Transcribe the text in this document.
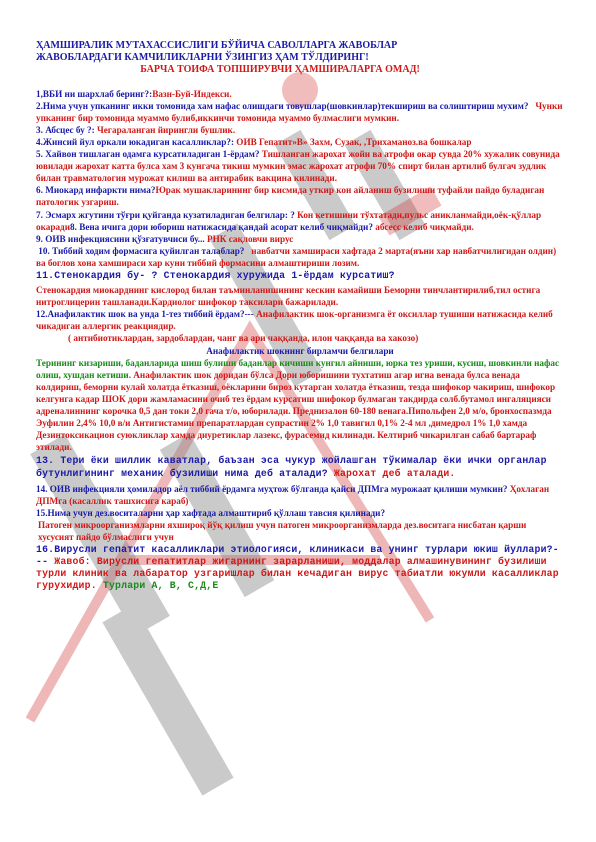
ҲАМШИРАЛИК МУТАХАССИСЛИГИ БЎЙИЧА САВОЛЛАРГА ЖАВОБЛАР
ЖАВОБЛАРДАГИ КАМЧИЛИКЛАРНИ ЎЗИНГИЗ ҲАМ ТЎЛДИРИНГ!
БАРЧА ТОИФА ТОПШИРУВЧИ ҲАМШИРАЛАРГА ОМАД!

1,ВБИ ни шархлаб беринг?:Вазн-Буй-Индекси.

2.Нима учун упканинг икки томонида хам нафас олишдаги товушлар(шовкинлар)текшириш ва солиштириш мухим? Чунки упканинг бир томонида муаммо булиб,иккинчи томонида муаммо булмаслиги мумкин.

3. Абсцес бу ?: Чегараланган йирингли бушлик.

4.Жинсий йул оркали юкадиган касалликлар?: ОИВ Гепатит»В» Захм, Сузак, ,Трихаманоз.ва бошкалар

5. Хайвон тишлаган одамга курсатиладиган 1-ёрдам? Тишланган жарохат жойи ва атрофи окар сувда 20% хужалик совунида ювилади жарохат катта булса хам 3 кунгача тикиш мумкин эмас жарохат атрофи 70% спирт билан артилиб булгач зудлик билан травматология мурожат килиш ва антирабик вакцина килинади.

6. Миокард инфаркти нима?Юрак мушакларининг бир кисмида уткир кон айланиш бузилиши туфайли пайдо буладиган патологик узгариш.

7. Эсмарх жгутини тўғри қуйганда кузатиладиган белгилар: ? Кон кетишини тўхтатади,пульс аникланмайди,оёк-қўллар окаради8. Вена ичига дори юбориш натижасида қандай асорат келиб чиқмайди? абсесс келиб чиқмайди.

9. ОИВ инфекциясини қўзғатувчиси бу... РНК сақловчи вирус

10. Тиббий ходим формасига қуйилган талаблар? навбатчи хамшираси хафтада 2 марта(яъни хар навбатчилигидан олдин) ва боглов хона хамшираси хар куни тиббий формасини алмаштириши лозим.

11.Стенокардия бу- ? Стенокардия хуружида 1-ёрдам курсатиш?

Стенокардия миокарднинг кислород билан таъминланишининг кескин камайиши Беморни тинчлантирилиб,тил остига нитроглицерин ташланади.Кардиолог шифокор таксилари бажарилади.

12.Анафилактик шок ва унда 1-тез тиббий ёрдам?--- Анафилактик шок-организмга ёт оксиллар тушиши натижасида келиб чикадиган аллергик реакциядир.

( антибиотиклардан, зардоблардан, чанг ва ари чаққанда, илон чаққанда ва хакозо)

Анафилактик шокнинг бирламчи белгилари

Терининг кизариши, баданларида шиш булиши баданлар кичиши кунгил айниши, юрка тез уриши, кусиш, шовкинли нафас олиш, хушдан кетиши. Анафилактик шок доридан бўлса Дори юборишини тухтатиш агар игна венада булса венада колдириш, беморни кулай холатда ётказиш, оёкларини бироз кутарган холатда ётказиш, тезда шифокор чакириш, шифокор келгунга кадар ШОК дори жамламасини очиб тез ёрдам курсатиш шифокор булмаган такдирда солб.бутамол ингаляцияси адреналиннинг корочка 0,5 дан токи 2,0 гача т/о, юборилади. Преднизалон 60-180 венага.Пипольфен 2,0 м/о, бронхоспазмда Эуфилин 2,4% 10,0 в/и Антигистамин препаратлардан супрастин 2% 1,0 тавигил 0,1% 2-4 мл ,димедрол 1% 1,0 хамда Дезинтоксикацион суюкликлар хамда диуретиклар лазекс, фурасемид килинади. Келтириб чикарилган сабаб бартараф этилади.

13. Тери ёки шиллик каватлар, баъзан эса чукур жойлашган тўкималар ёки ички органлар бутунлигининг механик бузилиши нима деб аталади? Жарохат деб аталади.

14. ОИВ инфекцияли ҳомиладор аёл тиббий ёрдамга муҳтож бўлганда қайси ДПМга мурожаат қилиши мумкин? Ҳохлаган ДПМга (касаллик ташхисига караб)

15.Нима учун дез.воситаларни ҳар хафтада алмаштириб қўллаш тавсия қилинади?

Патоген микроорганизмларни яхшироқ йўқ қилиш учун патоген микроорганизмларда дез.воситага нисбатан қарши хусусият пайдо бўлмаслиги учун

16.Вирусли гепатит касалликлари этиологияси, клиникаси ва унинг турлари юкиш йуллари?--- Жавоб: Вирусли гепатитлар жигарнинг зарарланиши, моддалар алмашинувининг бузилиши турли клиник ва лабаратор узгаришлар билан кечадиган вирус табиатли юкумли касалликлар гурухидир. Турлари А, В, С,Д,Е
